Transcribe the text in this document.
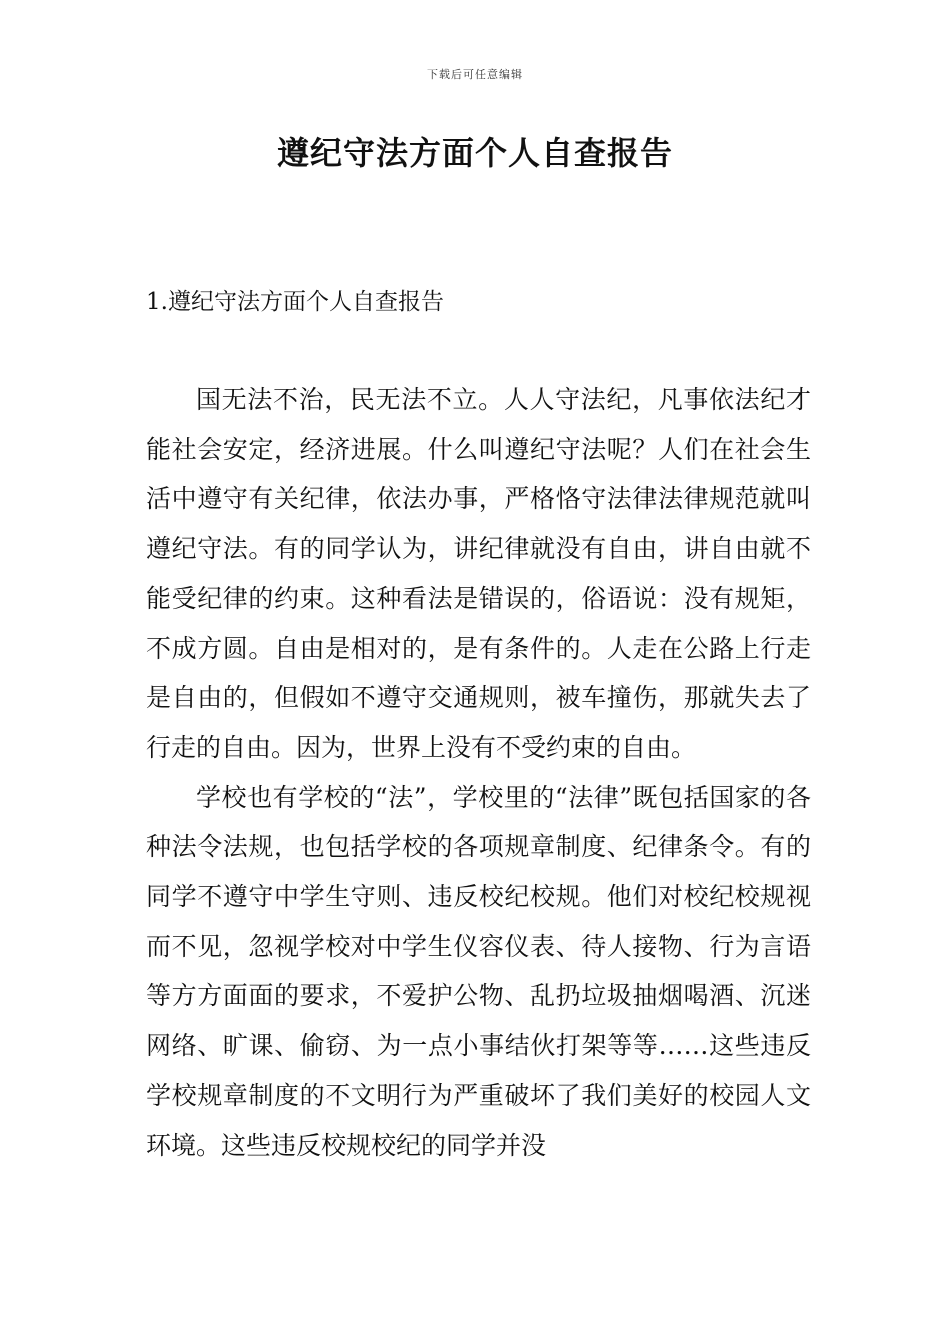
下载后可任意编辑
遵纪守法方面个人自查报告
1.遵纪守法方面个人自查报告

国无法不治，民无法不立。人人守法纪，凡事依法纪才能社会安定，经济进展。什么叫遵纪守法呢？人们在社会生活中遵守有关纪律，依法办事，严格恪守法律法律规范就叫遵纪守法。有的同学认为，讲纪律就没有自由，讲自由就不能受纪律的约束。这种看法是错误的，俗语说：没有规矩，不成方圆。自由是相对的，是有条件的。人走在公路上行走是自由的，但假如不遵守交通规则，被车撞伤，那就失去了行走的自由。因为，世界上没有不受约束的自由。

学校也有学校的“法”，学校里的“法律”既包括国家的各种法令法规，也包括学校的各项规章制度、纪律条令。有的同学不遵守中学生守则、违反校纪校规。他们对校纪校规视而不见，忽视学校对中学生仪容仪表、待人接物、行为言语等方方面面的要求，不爱护公物、乱扔垃圾抽烟喝酒、沉迷网络、旷课、偷窃、为一点小事结伙打架等等……这些违反学校规章制度的不文明行为严重破坏了我们美好的校园人文环境。这些违反校规校纪的同学并没
